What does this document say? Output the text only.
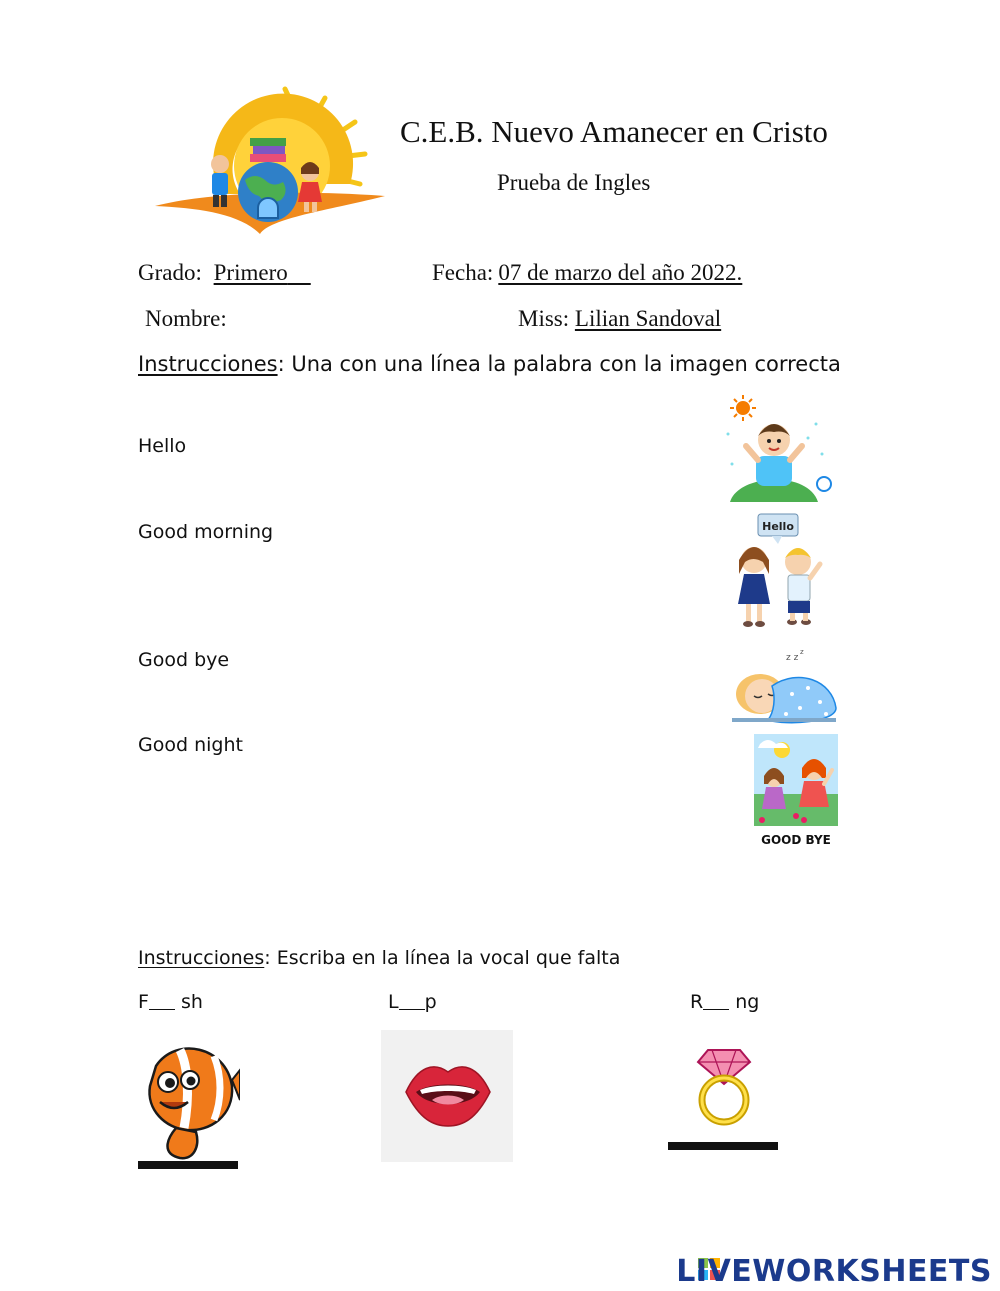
C.E.B. Nuevo Amanecer en Cristo
Prueba de Ingles
Grado: Primero	Fecha: 07 de marzo del año 2022.
Nombre:	Miss: Lilian Sandoval
Instrucciones: Una con una línea la palabra con la imagen correcta
Hello
Good morning
Good bye
Good night
Hello
z z
z
GOOD BYE
Instrucciones: Escriba en la línea la vocal que falta
F sh	L p	R ng
LIVEWORKSHEETS
